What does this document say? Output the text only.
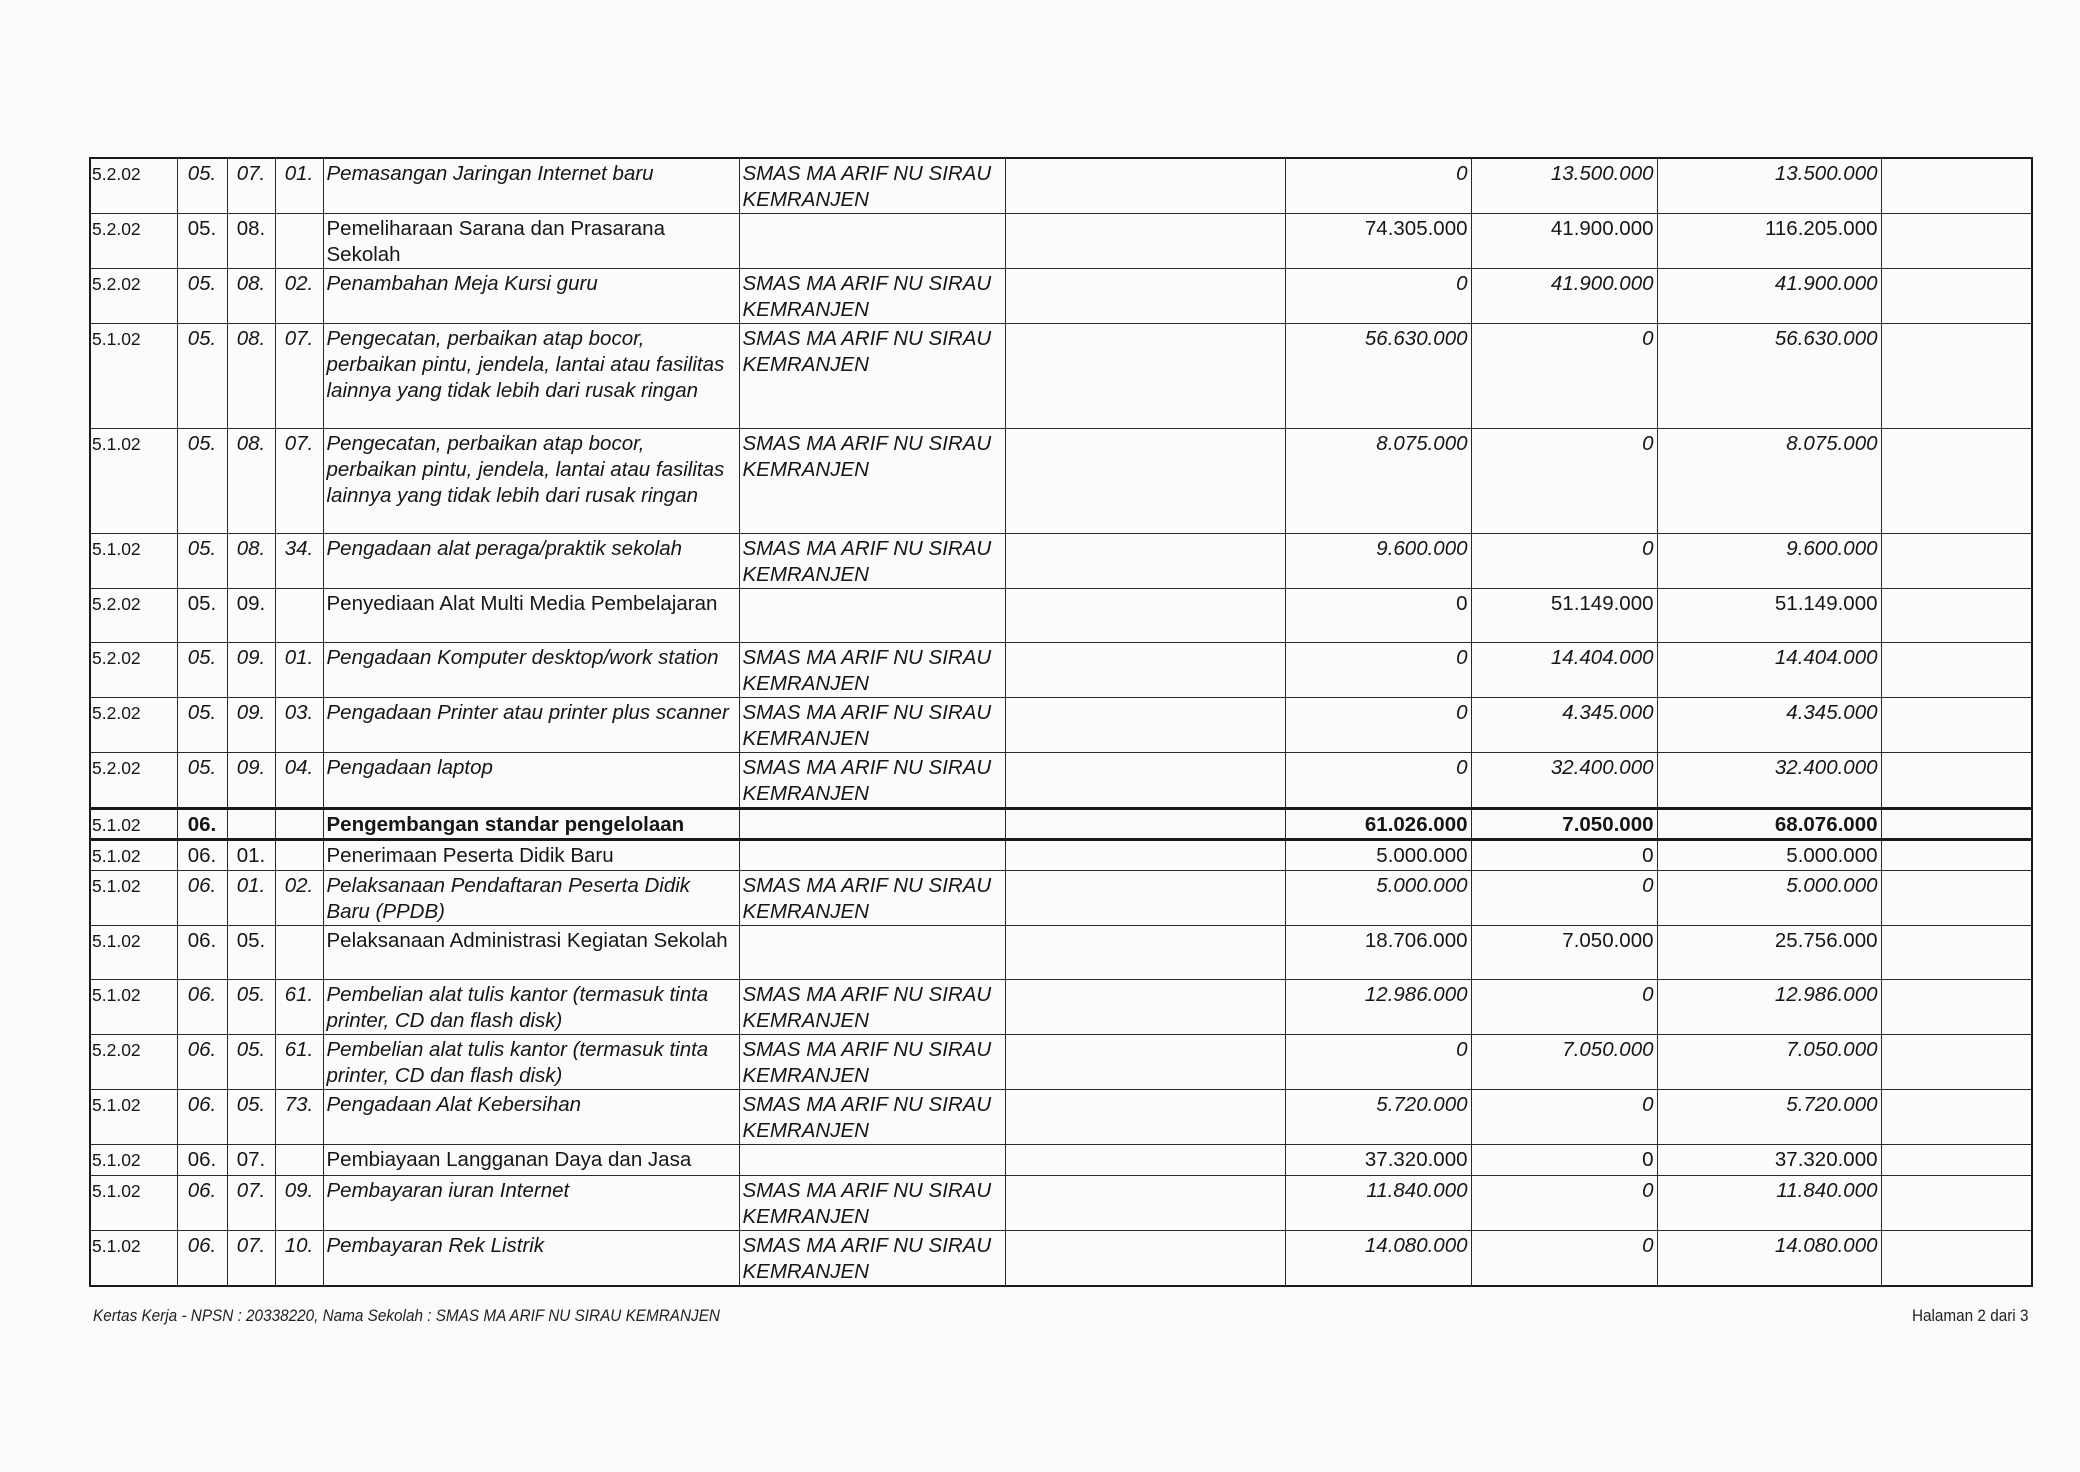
5.2.02	05.	07.	01.	Pemasangan Jaringan Internet baru	SMAS MA ARIF NU SIRAU KEMRANJEN		0	13.500.000	13.500.000	
5.2.02	05.	08.		Pemeliharaan Sarana dan Prasarana Sekolah			74.305.000	41.900.000	116.205.000	
5.2.02	05.	08.	02.	Penambahan Meja Kursi guru	SMAS MA ARIF NU SIRAU KEMRANJEN		0	41.900.000	41.900.000	
5.1.02	05.	08.	07.	Pengecatan, perbaikan atap bocor, perbaikan pintu, jendela, lantai atau fasilitas lainnya yang tidak lebih dari rusak ringan	SMAS MA ARIF NU SIRAU KEMRANJEN		56.630.000	0	56.630.000	
5.1.02	05.	08.	07.	Pengecatan, perbaikan atap bocor, perbaikan pintu, jendela, lantai atau fasilitas lainnya yang tidak lebih dari rusak ringan	SMAS MA ARIF NU SIRAU KEMRANJEN		8.075.000	0	8.075.000	
5.1.02	05.	08.	34.	Pengadaan alat peraga/praktik sekolah	SMAS MA ARIF NU SIRAU KEMRANJEN		9.600.000	0	9.600.000	
5.2.02	05.	09.		Penyediaan Alat Multi Media Pembelajaran			0	51.149.000	51.149.000	
5.2.02	05.	09.	01.	Pengadaan Komputer desktop/work station	SMAS MA ARIF NU SIRAU KEMRANJEN		0	14.404.000	14.404.000	
5.2.02	05.	09.	03.	Pengadaan Printer atau printer plus scanner	SMAS MA ARIF NU SIRAU KEMRANJEN		0	4.345.000	4.345.000	
5.2.02	05.	09.	04.	Pengadaan laptop	SMAS MA ARIF NU SIRAU KEMRANJEN		0	32.400.000	32.400.000	
5.1.02	06.			Pengembangan standar pengelolaan			61.026.000	7.050.000	68.076.000	
5.1.02	06.	01.		Penerimaan Peserta Didik Baru			5.000.000	0	5.000.000	
5.1.02	06.	01.	02.	Pelaksanaan Pendaftaran Peserta Didik Baru (PPDB)	SMAS MA ARIF NU SIRAU KEMRANJEN		5.000.000	0	5.000.000	
5.1.02	06.	05.		Pelaksanaan Administrasi Kegiatan Sekolah			18.706.000	7.050.000	25.756.000	
5.1.02	06.	05.	61.	Pembelian alat tulis kantor (termasuk tinta printer, CD dan flash disk)	SMAS MA ARIF NU SIRAU KEMRANJEN		12.986.000	0	12.986.000	
5.2.02	06.	05.	61.	Pembelian alat tulis kantor (termasuk tinta printer, CD dan flash disk)	SMAS MA ARIF NU SIRAU KEMRANJEN		0	7.050.000	7.050.000	
5.1.02	06.	05.	73.	Pengadaan Alat Kebersihan	SMAS MA ARIF NU SIRAU KEMRANJEN		5.720.000	0	5.720.000	
5.1.02	06.	07.		Pembiayaan Langganan Daya dan Jasa			37.320.000	0	37.320.000	
5.1.02	06.	07.	09.	Pembayaran iuran Internet	SMAS MA ARIF NU SIRAU KEMRANJEN		11.840.000	0	11.840.000	
5.1.02	06.	07.	10.	Pembayaran Rek Listrik	SMAS MA ARIF NU SIRAU KEMRANJEN		14.080.000	0	14.080.000	
Kertas Kerja - NPSN : 20338220, Nama Sekolah : SMAS MA ARIF NU SIRAU KEMRANJEN	Halaman 2 dari 3
